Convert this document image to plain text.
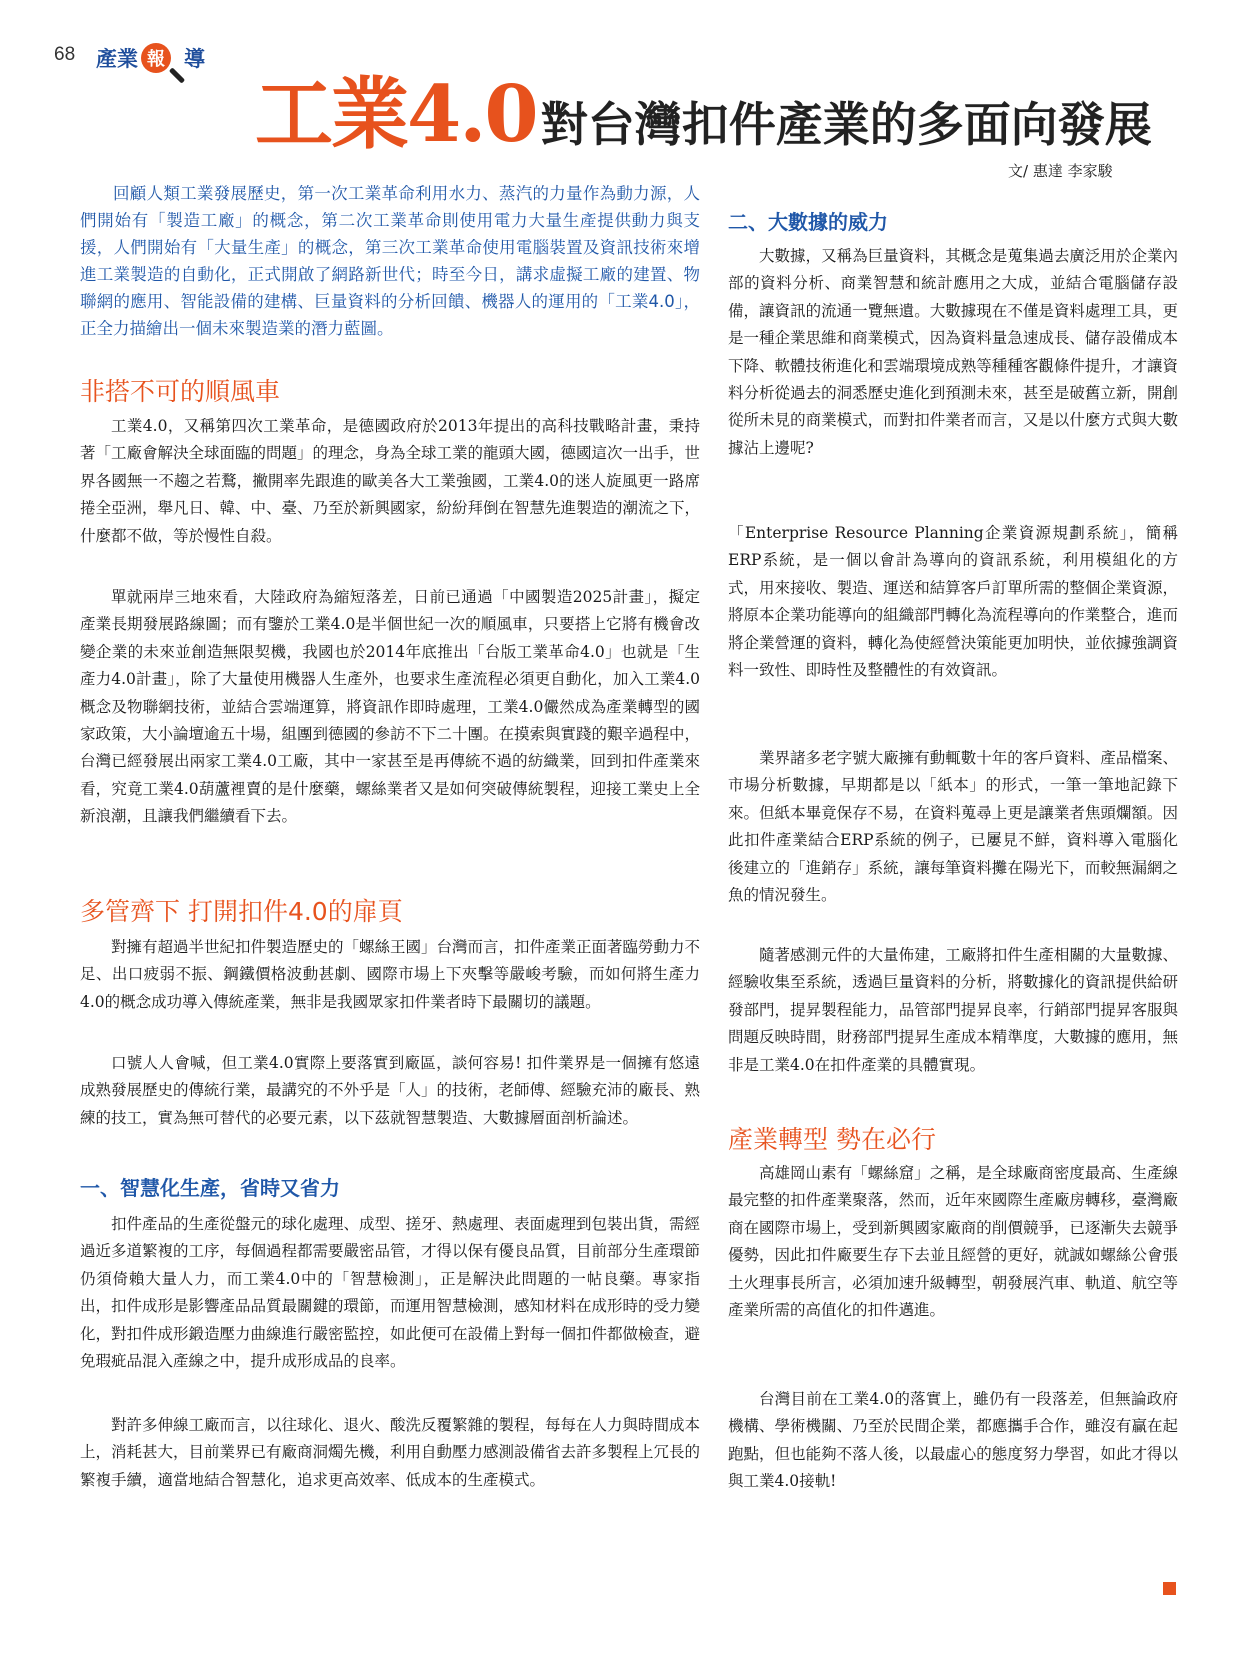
68 產業 報 導
工業4.0對台灣扣件產業的多面向發展
文/ 惠達 李家駿

回顧人類工業發展歷史，第一次工業革命利用水力、蒸汽的力量作為動力源，人們開始有「製造工廠」的概念，第二次工業革命則使用電力大量生產提供動力與支援，人們開始有「大量生產」的概念，第三次工業革命使用電腦裝置及資訊技術來增進工業製造的自動化，正式開啟了網路新世代；時至今日，講求虛擬工廠的建置、物聯網的應用、智能設備的建構、巨量資料的分析回饋、機器人的運用的「工業4.0」，正全力描繪出一個未來製造業的潛力藍圖。

非搭不可的順風車

工業4.0，又稱第四次工業革命，是德國政府於2013年提出的高科技戰略計畫，秉持著「工廠會解決全球面臨的問題」的理念，身為全球工業的龍頭大國，德國這次一出手，世界各國無一不趨之若鶩，撇開率先跟進的歐美各大工業強國，工業4.0的迷人旋風更一路席捲全亞洲，舉凡日、韓、中、臺、乃至於新興國家，紛紛拜倒在智慧先進製造的潮流之下，什麼都不做，等於慢性自殺。

單就兩岸三地來看，大陸政府為縮短落差，日前已通過「中國製造2025計畫」，擬定產業長期發展路線圖；而有鑒於工業4.0是半個世紀一次的順風車，只要搭上它將有機會改變企業的未來並創造無限契機，我國也於2014年底推出「台版工業革命4.0」也就是「生產力4.0計畫」，除了大量使用機器人生產外，也要求生產流程必須更自動化，加入工業4.0概念及物聯網技術，並結合雲端運算，將資訊作即時處理，工業4.0儼然成為產業轉型的國家政策，大小論壇逾五十場，組團到德國的參訪不下二十團。在摸索與實踐的艱辛過程中，台灣已經發展出兩家工業4.0工廠，其中一家甚至是再傳統不過的紡織業，回到扣件產業來看，究竟工業4.0葫蘆裡賣的是什麼藥，螺絲業者又是如何突破傳統製程，迎接工業史上全新浪潮，且讓我們繼續看下去。

多管齊下 打開扣件4.0的扉頁

對擁有超過半世紀扣件製造歷史的「螺絲王國」台灣而言，扣件產業正面著臨勞動力不足、出口疲弱不振、鋼鐵價格波動甚劇、國際市場上下夾擊等嚴峻考驗，而如何將生產力4.0的概念成功導入傳統產業，無非是我國眾家扣件業者時下最關切的議題。

口號人人會喊，但工業4.0實際上要落實到廠區，談何容易! 扣件業界是一個擁有悠遠成熟發展歷史的傳統行業，最講究的不外乎是「人」的技術，老師傅、經驗充沛的廠長、熟練的技工，實為無可替代的必要元素，以下茲就智慧製造、大數據層面剖析論述。

一、智慧化生產，省時又省力

扣件產品的生產從盤元的球化處理、成型、搓牙、熱處理、表面處理到包裝出貨，需經過近多道繁複的工序，每個過程都需要嚴密品管，才得以保有優良品質，目前部分生產環節仍須倚賴大量人力，而工業4.0中的「智慧檢測」，正是解決此問題的一帖良藥。專家指出，扣件成形是影響產品品質最關鍵的環節，而運用智慧檢測，感知材料在成形時的受力變化，對扣件成形鍛造壓力曲線進行嚴密監控，如此便可在設備上對每一個扣件都做檢查，避免瑕疵品混入產線之中，提升成形成品的良率。

對許多伸線工廠而言，以往球化、退火、酸洗反覆繁雜的製程，每每在人力與時間成本上，消耗甚大，目前業界已有廠商洞燭先機，利用自動壓力感測設備省去許多製程上冗長的繁複手續，適當地結合智慧化，追求更高效率、低成本的生產模式。

二、大數據的威力

大數據，又稱為巨量資料，其概念是蒐集過去廣泛用於企業內部的資料分析、商業智慧和統計應用之大成，並結合電腦儲存設備，讓資訊的流通一覽無遺。大數據現在不僅是資料處理工具，更是一種企業思維和商業模式，因為資料量急速成長、儲存設備成本下降、軟體技術進化和雲端環境成熟等種種客觀條件提升，才讓資料分析從過去的洞悉歷史進化到預測未來，甚至是破舊立新，開創從所未見的商業模式，而對扣件業者而言，又是以什麼方式與大數據沾上邊呢?

「Enterprise Resource Planning企業資源規劃系統」，簡稱ERP系統，是一個以會計為導向的資訊系統，利用模組化的方式，用來接收、製造、運送和結算客戶訂單所需的整個企業資源，將原本企業功能導向的組織部門轉化為流程導向的作業整合，進而將企業營運的資料，轉化為使經營決策能更加明快，並依據強調資料一致性、即時性及整體性的有效資訊。

業界諸多老字號大廠擁有動輒數十年的客戶資料、產品檔案、市場分析數據，早期都是以「紙本」的形式，一筆一筆地記錄下來。但紙本畢竟保存不易，在資料蒐尋上更是讓業者焦頭爛額。因此扣件產業結合ERP系統的例子，已屢見不鮮，資料導入電腦化後建立的「進銷存」系統，讓每筆資料攤在陽光下，而較無漏網之魚的情況發生。

隨著感測元件的大量佈建，工廠將扣件生產相關的大量數據、經驗收集至系統，透過巨量資料的分析，將數據化的資訊提供給研發部門，提昇製程能力，品管部門提昇良率，行銷部門提昇客服與問題反映時間，財務部門提昇生產成本精準度，大數據的應用，無非是工業4.0在扣件產業的具體實現。

產業轉型 勢在必行

高雄岡山素有「螺絲窟」之稱，是全球廠商密度最高、生產線最完整的扣件產業聚落，然而，近年來國際生產廠房轉移，臺灣廠商在國際市場上，受到新興國家廠商的削價競爭，已逐漸失去競爭優勢，因此扣件廠要生存下去並且經營的更好，就誠如螺絲公會張土火理事長所言，必須加速升級轉型，朝發展汽車、軌道、航空等產業所需的高值化的扣件邁進。

台灣目前在工業4.0的落實上，雖仍有一段落差，但無論政府機構、學術機關、乃至於民間企業，都應攜手合作，雖沒有贏在起跑點，但也能夠不落人後，以最虛心的態度努力學習，如此才得以與工業4.0接軌!
